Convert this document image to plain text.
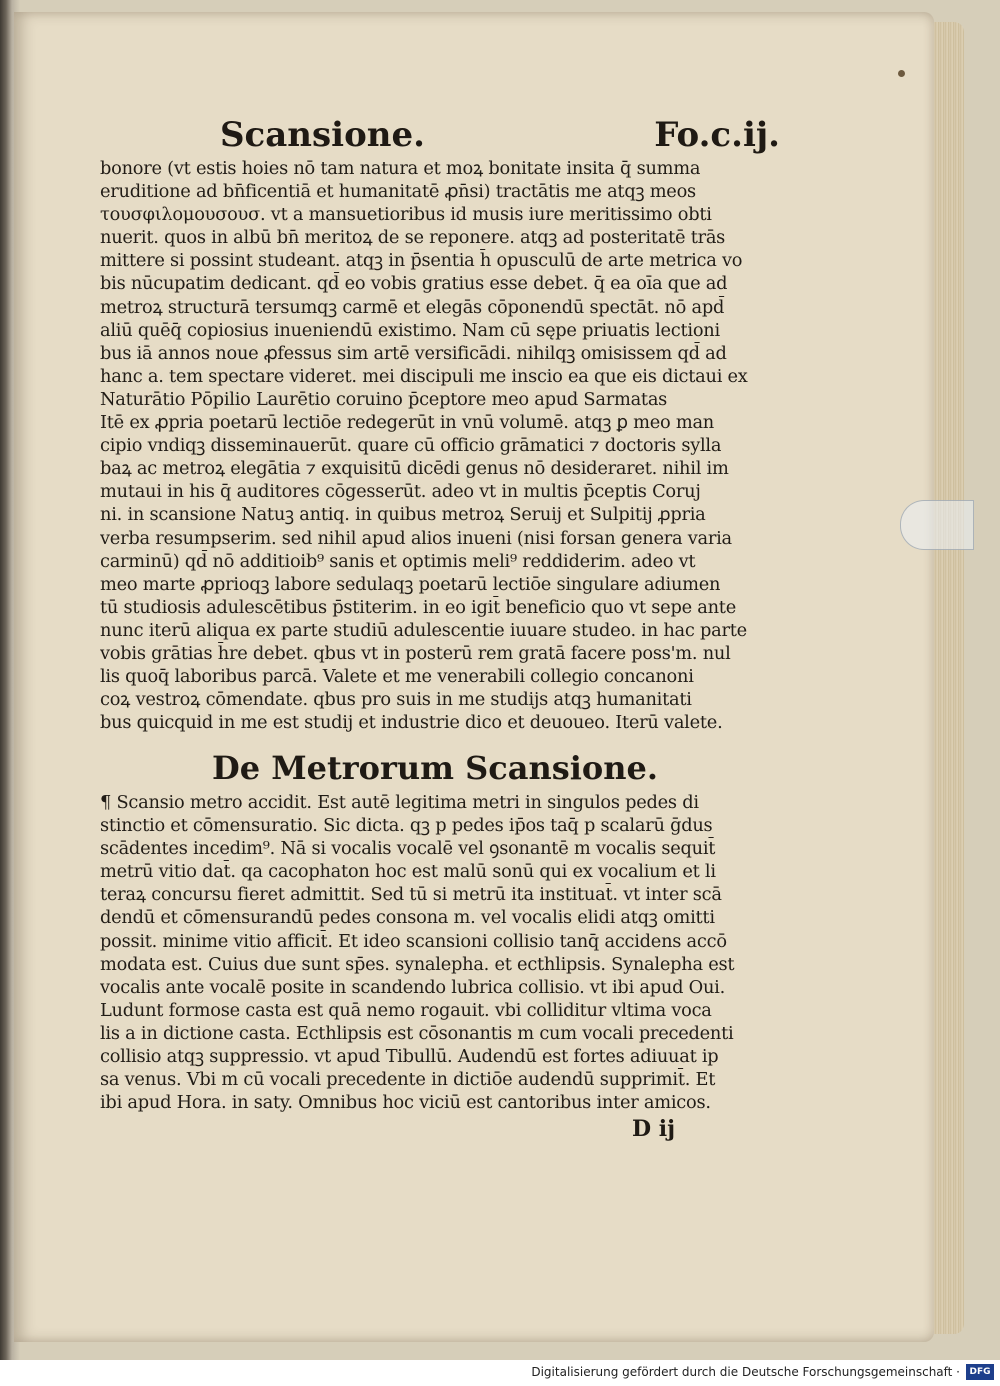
Scansione.	Fo.c.ij.
bonore (vt estis hoies nō tam natura et moꝝ bonitate insita q̄ summa
eruditione ad bn̄ficentiā et humanitatē ꝓn̄si) tractātis me atqꝫ meos
τουσφιλομουσουσ. vt a mansuetioribus id musis iure meritissimo obti
nuerit. quos in albū bn̄ meritoꝝ de se reponere. atqꝫ ad posteritatē trās
mittere si possint studeant. atqꝫ in p̄sentia h̄ opusculū de arte metrica vo
bis nūcupatim dedicant. qd̄ eo vobis gratius esse debet. q̄ ea oīa que ad
metroꝝ structurā tersumqꝫ carmē et elegās cōponendū spectāt. nō apd̄
aliū quēq̄ copiosius inueniendū existimo. Nam cū sępe priuatis lectioni
bus iā annos noue ꝓfessus sim artē versificādi. nihilqꝫ omisissem qd̄ ad
hanc a. tem spectare videret. mei discipuli me inscio ea que eis dictaui ex
Naturātio Pōpilio Laurētio coruino p̄ceptore meo apud Sarmatas
Itē ex ꝓpria poetarū lectiōe redegerūt in vnū volumē. atqꝫ ꝑ meo man
cipio vndiqꝫ disseminauerūt. quare cū officio grāmatici ⁊ doctoris sylla
baꝝ ac metroꝝ elegātia ⁊ exquisitū dicēdi genus nō desideraret. nihil im
mutaui in his q̄ auditores cōgesserūt. adeo vt in multis p̄ceptis Coruj
ni. in scansione Natuꝫ antiq. in quibus metroꝝ Seruij et Sulpitij ꝓpria
verba resumpserim. sed nihil apud alios inueni (nisi forsan genera varia
carminū) qd̄ nō additioib⁹ sanis et optimis meli⁹ reddiderim. adeo vt
meo marte ꝓprioqꝫ labore sedulaqꝫ poetarū lectiōe singulare adiumen
tū studiosis adulescētibus p̄stiterim. in eo igit̄ beneficio quo vt sepe ante
nunc iterū aliqua ex parte studiū adulescentie iuuare studeo. in hac parte
vobis grātias h̄re debet. qbus vt in posterū rem gratā facere poss'm. nul
lis quoq̄ laboribus parcā. Valete et me venerabili collegio concanoni
coꝝ vestroꝝ cōmendate. qbus pro suis in me studijs atqꝫ humanitati
bus quicquid in me est studij et industrie dico et deuoueo. Iterū valete.
De Metrorum Scansione.
¶ Scansio metro accidit. Est autē legitima metri in singulos pedes di
stinctio et cōmensuratio. Sic dicta. qꝫ p pedes ip̄os taq̄ p scalarū ḡdus
scādentes incedim⁹. Nā si vocalis vocalē vel ꝯsonantē m vocalis sequit̄
metrū vitio dat̄. qa cacophaton hoc est malū sonū qui ex vocalium et li
teraꝝ concursu fieret admittit. Sed tū si metrū ita instituat̄. vt inter scā
dendū et cōmensurandū pedes consona m. vel vocalis elidi atqꝫ omitti
possit. minime vitio afficit̄. Et ideo scansioni collisio tanq̄ accidens accō
modata est. Cuius due sunt sp̄es. synalepha. et ecthlipsis. Synalepha est
vocalis ante vocalē posite in scandendo lubrica collisio. vt ibi apud Oui.
Ludunt formose casta est quā nemo rogauit. vbi colliditur vltima voca
lis a in dictione casta. Ecthlipsis est cōsonantis m cum vocali precedenti
collisio atqꝫ suppressio. vt apud Tibullū. Audendū est fortes adiuuat ip
sa venus. Vbi m cū vocali precedente in dictiōe audendū supprimit̄. Et
ibi apud Hora. in saty. Omnibus hoc viciū est cantoribus inter amicos.
D ij
Digitalisierung gefördert durch die Deutsche Forschungsgemeinschaft ·	DFG
